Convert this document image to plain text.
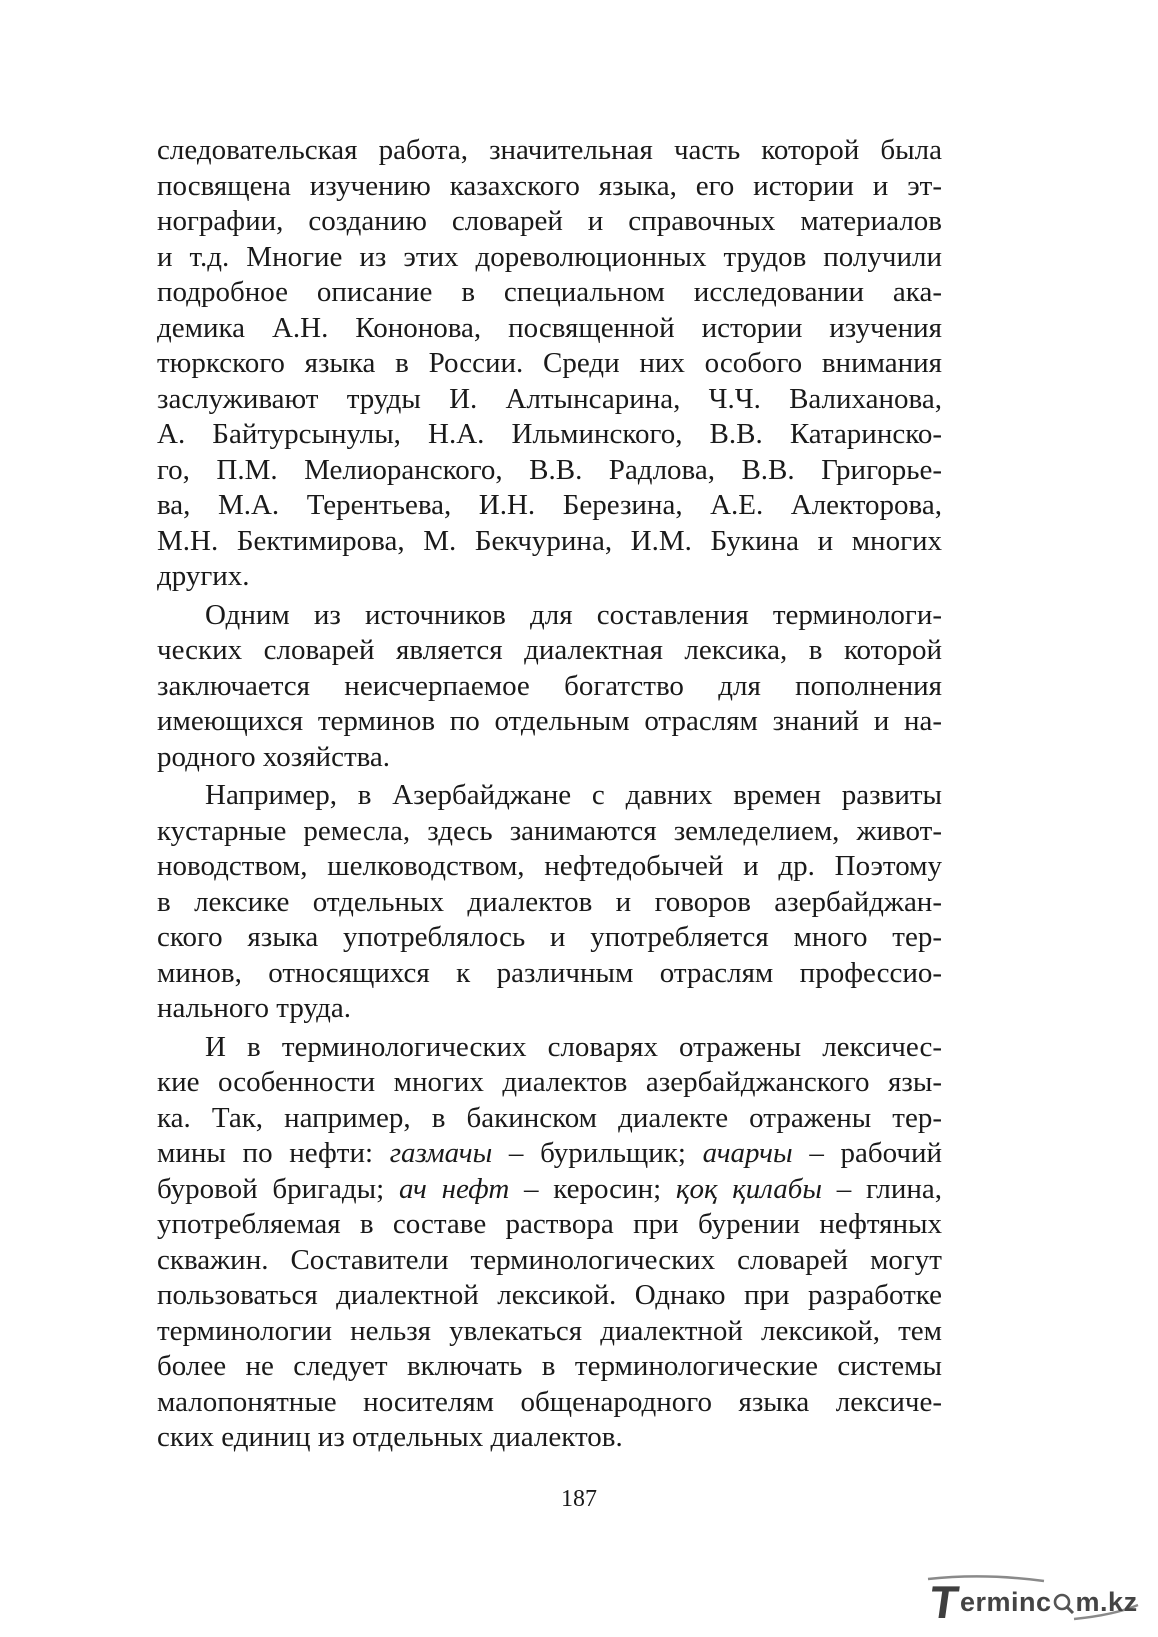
следовательская работа, значительная часть которой была
посвящена изучению казахского языка, его истории и эт-
нографии, созданию словарей и справочных материалов
и т.д. Многие из этих дореволюционных трудов получили
подробное описание в специальном исследовании ака-
демика А.Н. Кононова, посвященной истории изучения
тюркского языка в России. Среди них особого внимания
заслуживают труды И. Алтынсарина, Ч.Ч. Валиханова,
А. Байтурсынулы, Н.А. Ильминского, В.В. Катаринско-
го, П.М. Мелиоранского, В.В. Радлова, В.В. Григорье-
ва, М.А. Терентьева, И.Н. Березина, А.Е. Алекторова,
М.Н. Бектимирова, М. Бекчурина, И.М. Букина и многих
других.
Одним из источников для составления терминологи-
ческих словарей является диалектная лексика, в которой
заключается неисчерпаемое богатство для пополнения
имеющихся терминов по отдельным отраслям знаний и на-
родного хозяйства.
Например, в Азербайджане с давних времен развиты
кустарные ремесла, здесь занимаются земледелием, живот-
новодством, шелководством, нефтедобычей и др. Поэтому
в лексике отдельных диалектов и говоров азербайджан-
ского языка употреблялось и употребляется много тер-
минов, относящихся к различным отраслям профессио-
нального труда.
И в терминологических словарях отражены лексичес-
кие особенности многих диалектов азербайджанского язы-
ка. Так, например, в бакинском диалекте отражены тер-
мины по нефти: газмачы – бурильщик; ачарчы – рабочий
буровой бригады; ач нефт – керосин; қоқ қилабы – глина,
употребляемая в составе раствора при бурении нефтяных
скважин. Составители терминологических словарей могут
пользоваться диалектной лексикой. Однако при разработке
терминологии нельзя увлекаться диалектной лексикой, тем
более не следует включать в терминологические системы
малопонятные носителям общенародного языка лексиче-
ских единиц из отдельных диалектов.
187
T
erminc m.kz
